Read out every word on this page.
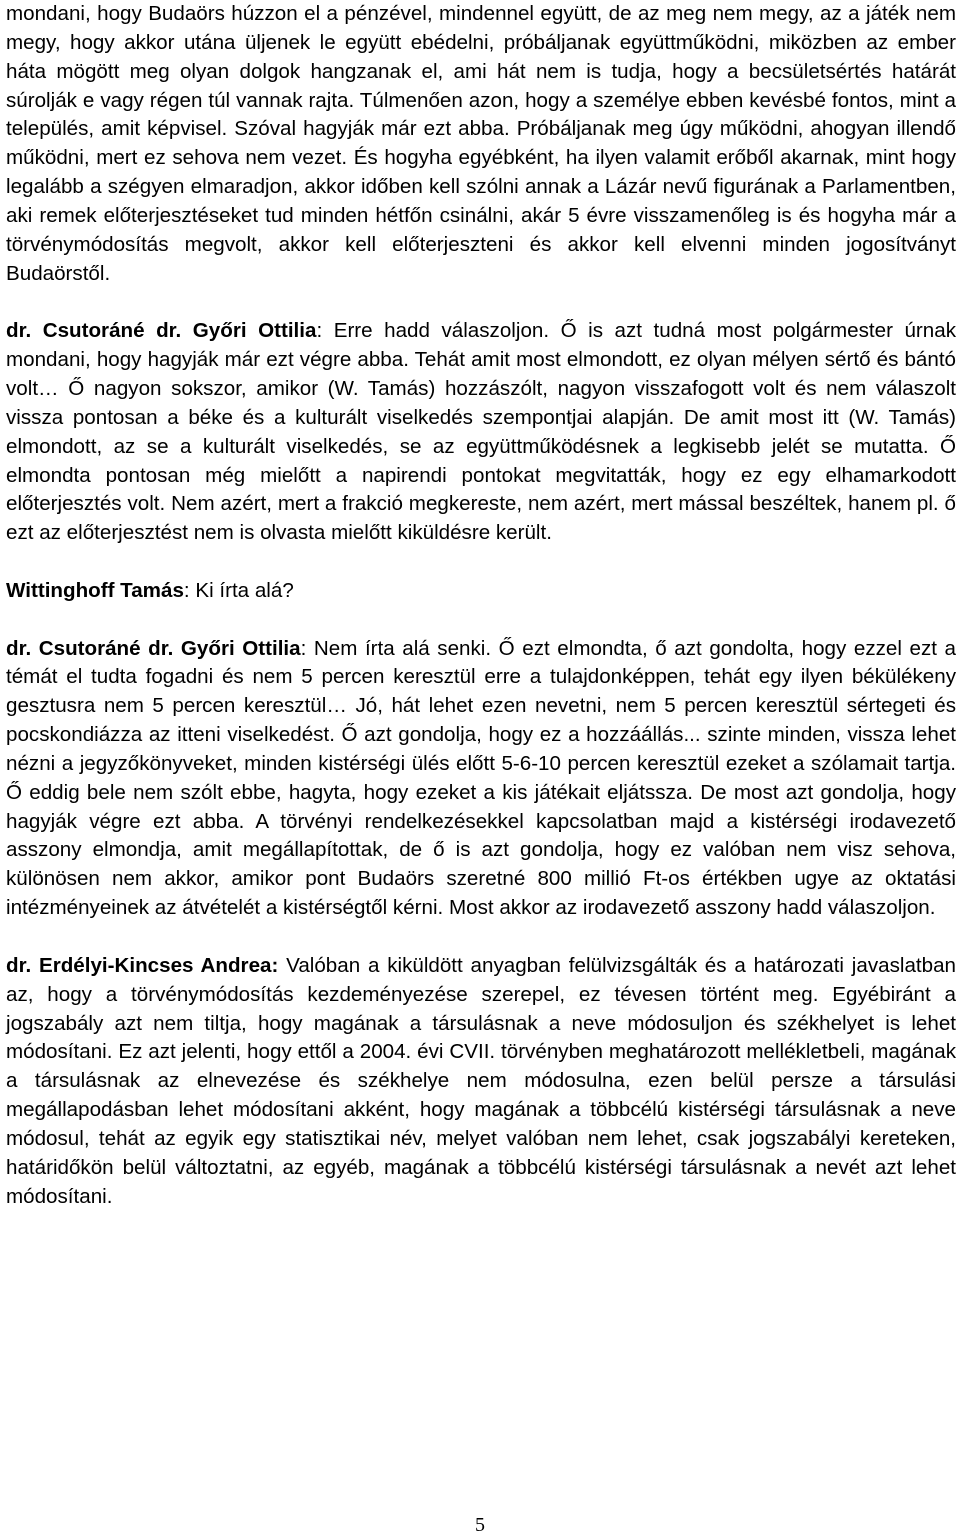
mondani, hogy Budaörs húzzon el a pénzével, mindennel együtt, de az meg nem megy, az a játék nem megy, hogy akkor utána üljenek le együtt ebédelni, próbáljanak együttműködni, miközben az ember háta mögött meg olyan dolgok hangzanak el, ami hát nem is tudja, hogy a becsületsértés határát súrolják e vagy régen túl vannak rajta. Túlmenően azon, hogy a személye ebben kevésbé fontos, mint a település, amit képvisel. Szóval hagyják már ezt abba. Próbáljanak meg úgy működni, ahogyan illendő működni, mert ez sehova nem vezet. És hogyha egyébként, ha ilyen valamit erőből akarnak, mint hogy legalább a szégyen elmaradjon, akkor időben kell szólni annak a Lázár nevű figurának a Parlamentben, aki remek előterjesztéseket tud minden hétfőn csinálni, akár 5 évre visszamenőleg is és hogyha már a törvénymódosítás megvolt, akkor kell előterjeszteni és akkor kell elvenni minden jogosítványt Budaörstől.

dr. Csutoráné dr. Győri Ottilia: Erre hadd válaszoljon. Ő is azt tudná most polgármester úrnak mondani, hogy hagyják már ezt végre abba. Tehát amit most elmondott, ez olyan mélyen sértő és bántó volt… Ő nagyon sokszor, amikor (W. Tamás) hozzászólt, nagyon visszafogott volt és nem válaszolt vissza pontosan a béke és a kulturált viselkedés szempontjai alapján. De amit most itt (W. Tamás) elmondott, az se a kulturált viselkedés, se az együttműködésnek a legkisebb jelét se mutatta. Ő elmondta pontosan még mielőtt a napirendi pontokat megvitatták, hogy ez egy elhamarkodott előterjesztés volt. Nem azért, mert a frakció megkereste, nem azért, mert mással beszéltek, hanem pl. ő ezt az előterjesztést nem is olvasta mielőtt kiküldésre került.

Wittinghoff Tamás: Ki írta alá?

dr. Csutoráné dr. Győri Ottilia: Nem írta alá senki. Ő ezt elmondta, ő azt gondolta, hogy ezzel ezt a témát el tudta fogadni és nem 5 percen keresztül erre a tulajdonképpen, tehát egy ilyen békülékeny gesztusra nem 5 percen keresztül… Jó, hát lehet ezen nevetni, nem 5 percen keresztül sértegeti és pocskondiázza az itteni viselkedést. Ő azt gondolja, hogy ez a hozzáállás... szinte minden, vissza lehet nézni a jegyzőkönyveket, minden kistérségi ülés előtt 5-6-10 percen keresztül ezeket a szólamait tartja. Ő eddig bele nem szólt ebbe, hagyta, hogy ezeket a kis játékait eljátssza. De most azt gondolja, hogy hagyják végre ezt abba. A törvényi rendelkezésekkel kapcsolatban majd a kistérségi irodavezető asszony elmondja, amit megállapítottak, de ő is azt gondolja, hogy ez valóban nem visz sehova, különösen nem akkor, amikor pont Budaörs szeretné 800 millió Ft-os értékben ugye az oktatási intézményeinek az átvételét a kistérségtől kérni. Most akkor az irodavezető asszony hadd válaszoljon.

dr. Erdélyi-Kincses Andrea: Valóban a kiküldött anyagban felülvizsgálták és a határozati javaslatban az, hogy a törvénymódosítás kezdeményezése szerepel, ez tévesen történt meg. Egyébiránt a jogszabály azt nem tiltja, hogy magának a társulásnak a neve módosuljon és székhelyet is lehet módosítani. Ez azt jelenti, hogy ettől a 2004. évi CVII. törvényben meghatározott mellékletbeli, magának a társulásnak az elnevezése és székhelye nem módosulna, ezen belül persze a társulási megállapodásban lehet módosítani akként, hogy magának a többcélú kistérségi társulásnak a neve módosul, tehát az egyik egy statisztikai név, melyet valóban nem lehet, csak jogszabályi kereteken, határidőkön belül változtatni, az egyéb, magának a többcélú kistérségi társulásnak a nevét azt lehet módosítani.

5
